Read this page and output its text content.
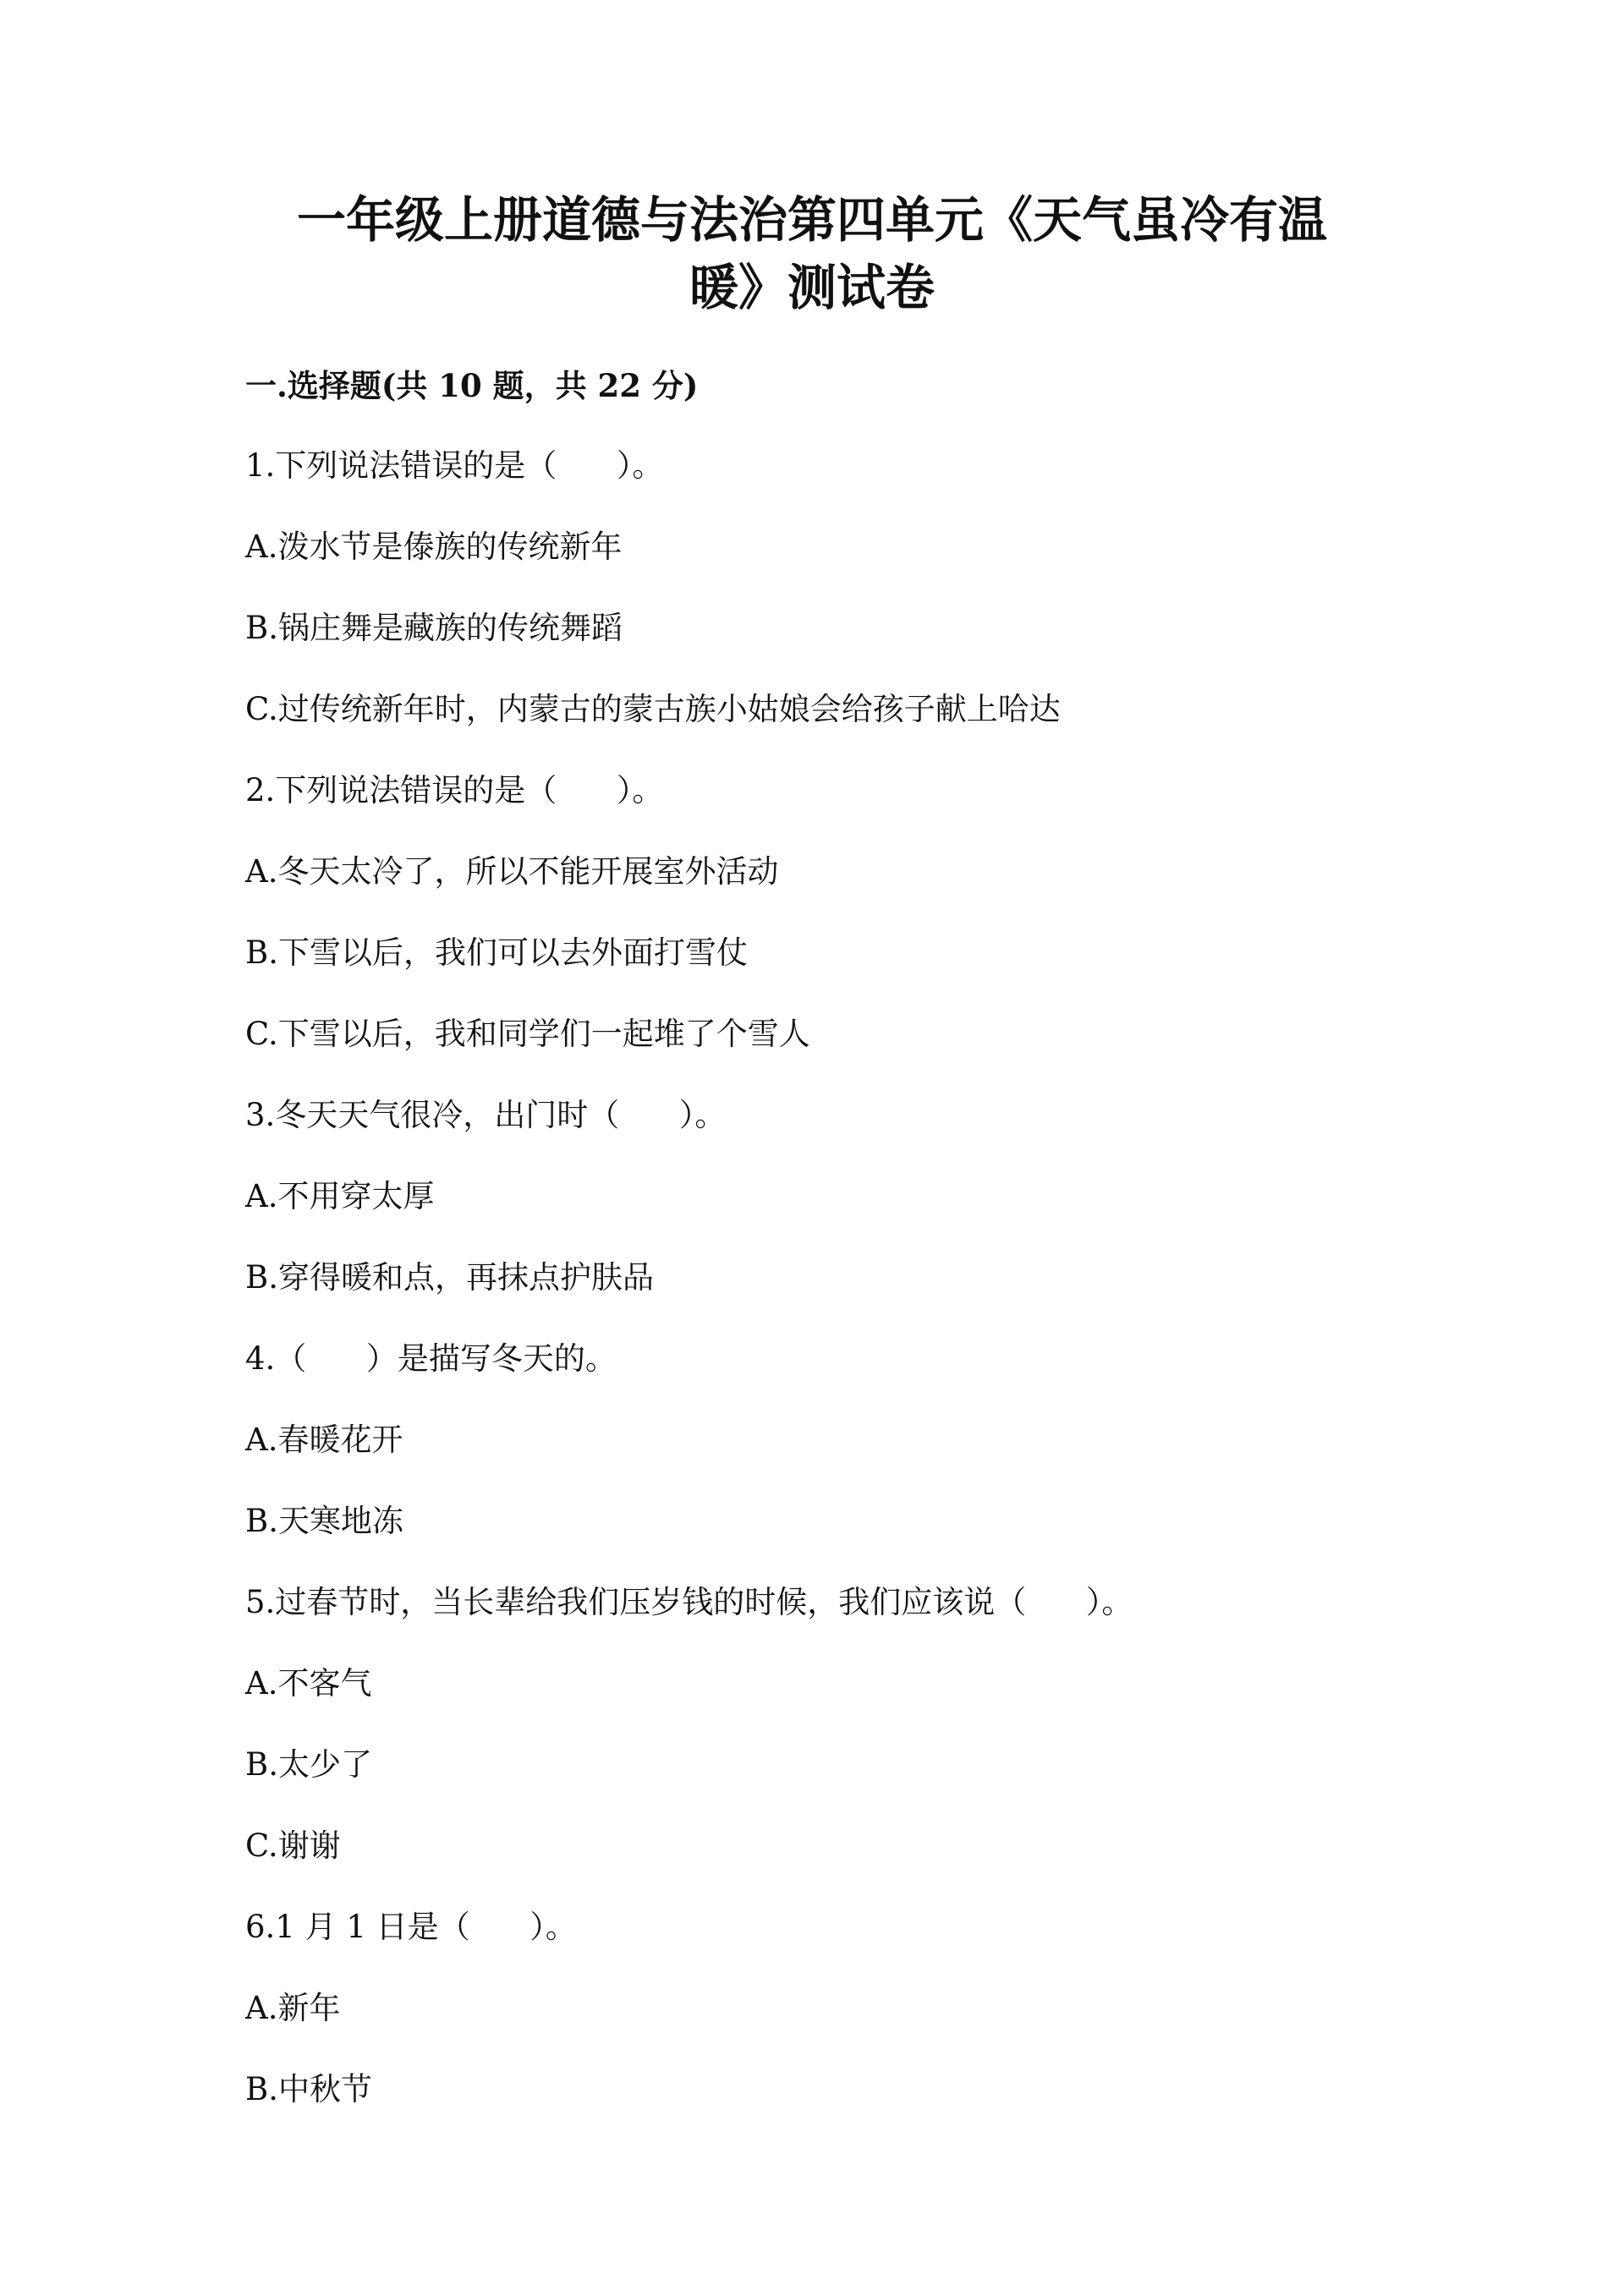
一年级上册道德与法治第四单元《天气虽冷有温
暖》测试卷
一.选择题(共 10 题，共 22 分)
1.下列说法错误的是（      ）。
A.泼水节是傣族的传统新年
B.锅庄舞是藏族的传统舞蹈
C.过传统新年时，内蒙古的蒙古族小姑娘会给孩子献上哈达
2.下列说法错误的是（      ）。
A.冬天太冷了，所以不能开展室外活动
B.下雪以后，我们可以去外面打雪仗
C.下雪以后，我和同学们一起堆了个雪人
3.冬天天气很冷，出门时（      ）。
A.不用穿太厚
B.穿得暖和点，再抹点护肤品
4.（      ）是描写冬天的。
A.春暖花开
B.天寒地冻
5.过春节时，当长辈给我们压岁钱的时候，我们应该说（      ）。
A.不客气
B.太少了
C.谢谢
6.1 月 1 日是（      ）。
A.新年
B.中秋节
